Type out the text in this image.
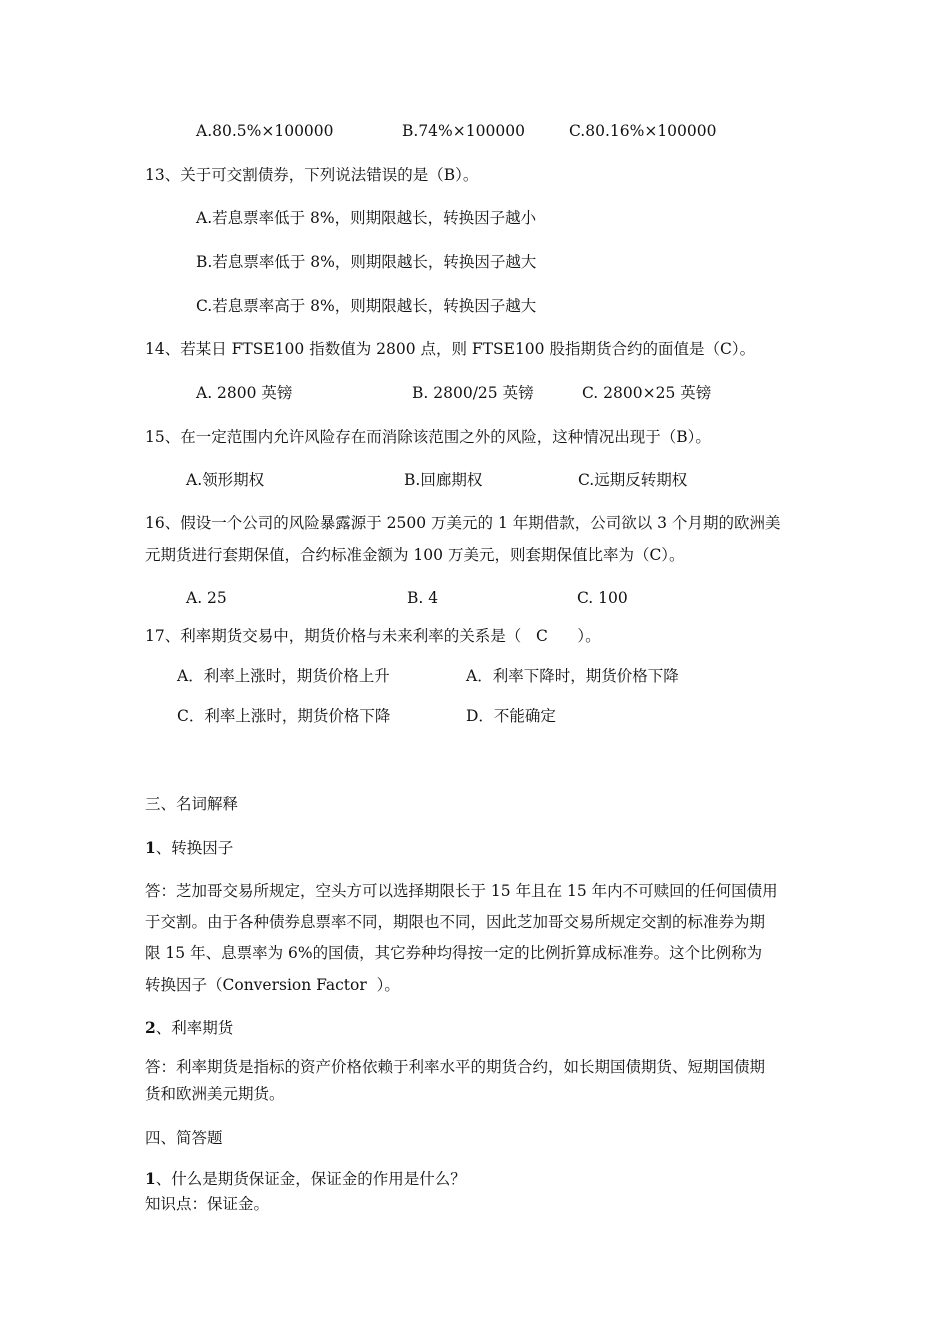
A.80.5%×100000	B.74%×100000	C.80.16%×100000
13、关于可交割债券，下列说法错误的是（B）。
A.若息票率低于 8%，则期限越长，转换因子越小
B.若息票率低于 8%，则期限越长，转换因子越大
C.若息票率高于 8%，则期限越长，转换因子越大
14、若某日 FTSE100 指数值为 2800 点，则 FTSE100 股指期货合约的面值是（C）。
A. 2800 英镑	B. 2800/25 英镑	C. 2800×25 英镑
15、在一定范围内允许风险存在而消除该范围之外的风险，这种情况出现于（B）。
A.领形期权	B.回廊期权	C.远期反转期权
16、假设一个公司的风险暴露源于 2500 万美元的 1 年期借款，公司欲以 3 个月期的欧洲美
元期货进行套期保值，合约标准金额为 100 万美元，则套期保值比率为（C）。
A. 25	B. 4	C. 100
17、利率期货交易中，期货价格与未来利率的关系是（   C      ）。
A．利率上涨时，期货价格上升	A．利率下降时，期货价格下降
C．利率上涨时，期货价格下降	D．不能确定
三、名词解释
1、转换因子
答：芝加哥交易所规定，空头方可以选择期限长于 15 年且在 15 年内不可赎回的任何国债用
于交割。由于各种债券息票率不同，期限也不同，因此芝加哥交易所规定交割的标准券为期
限 15 年、息票率为 6%的国债，其它券种均得按一定的比例折算成标准券。这个比例称为
转换因子（Conversion Factor  ）。
2、利率期货
答：利率期货是指标的资产价格依赖于利率水平的期货合约，如长期国债期货、短期国债期
货和欧洲美元期货。
四、简答题
1、什么是期货保证金，保证金的作用是什么？
知识点：保证金。
